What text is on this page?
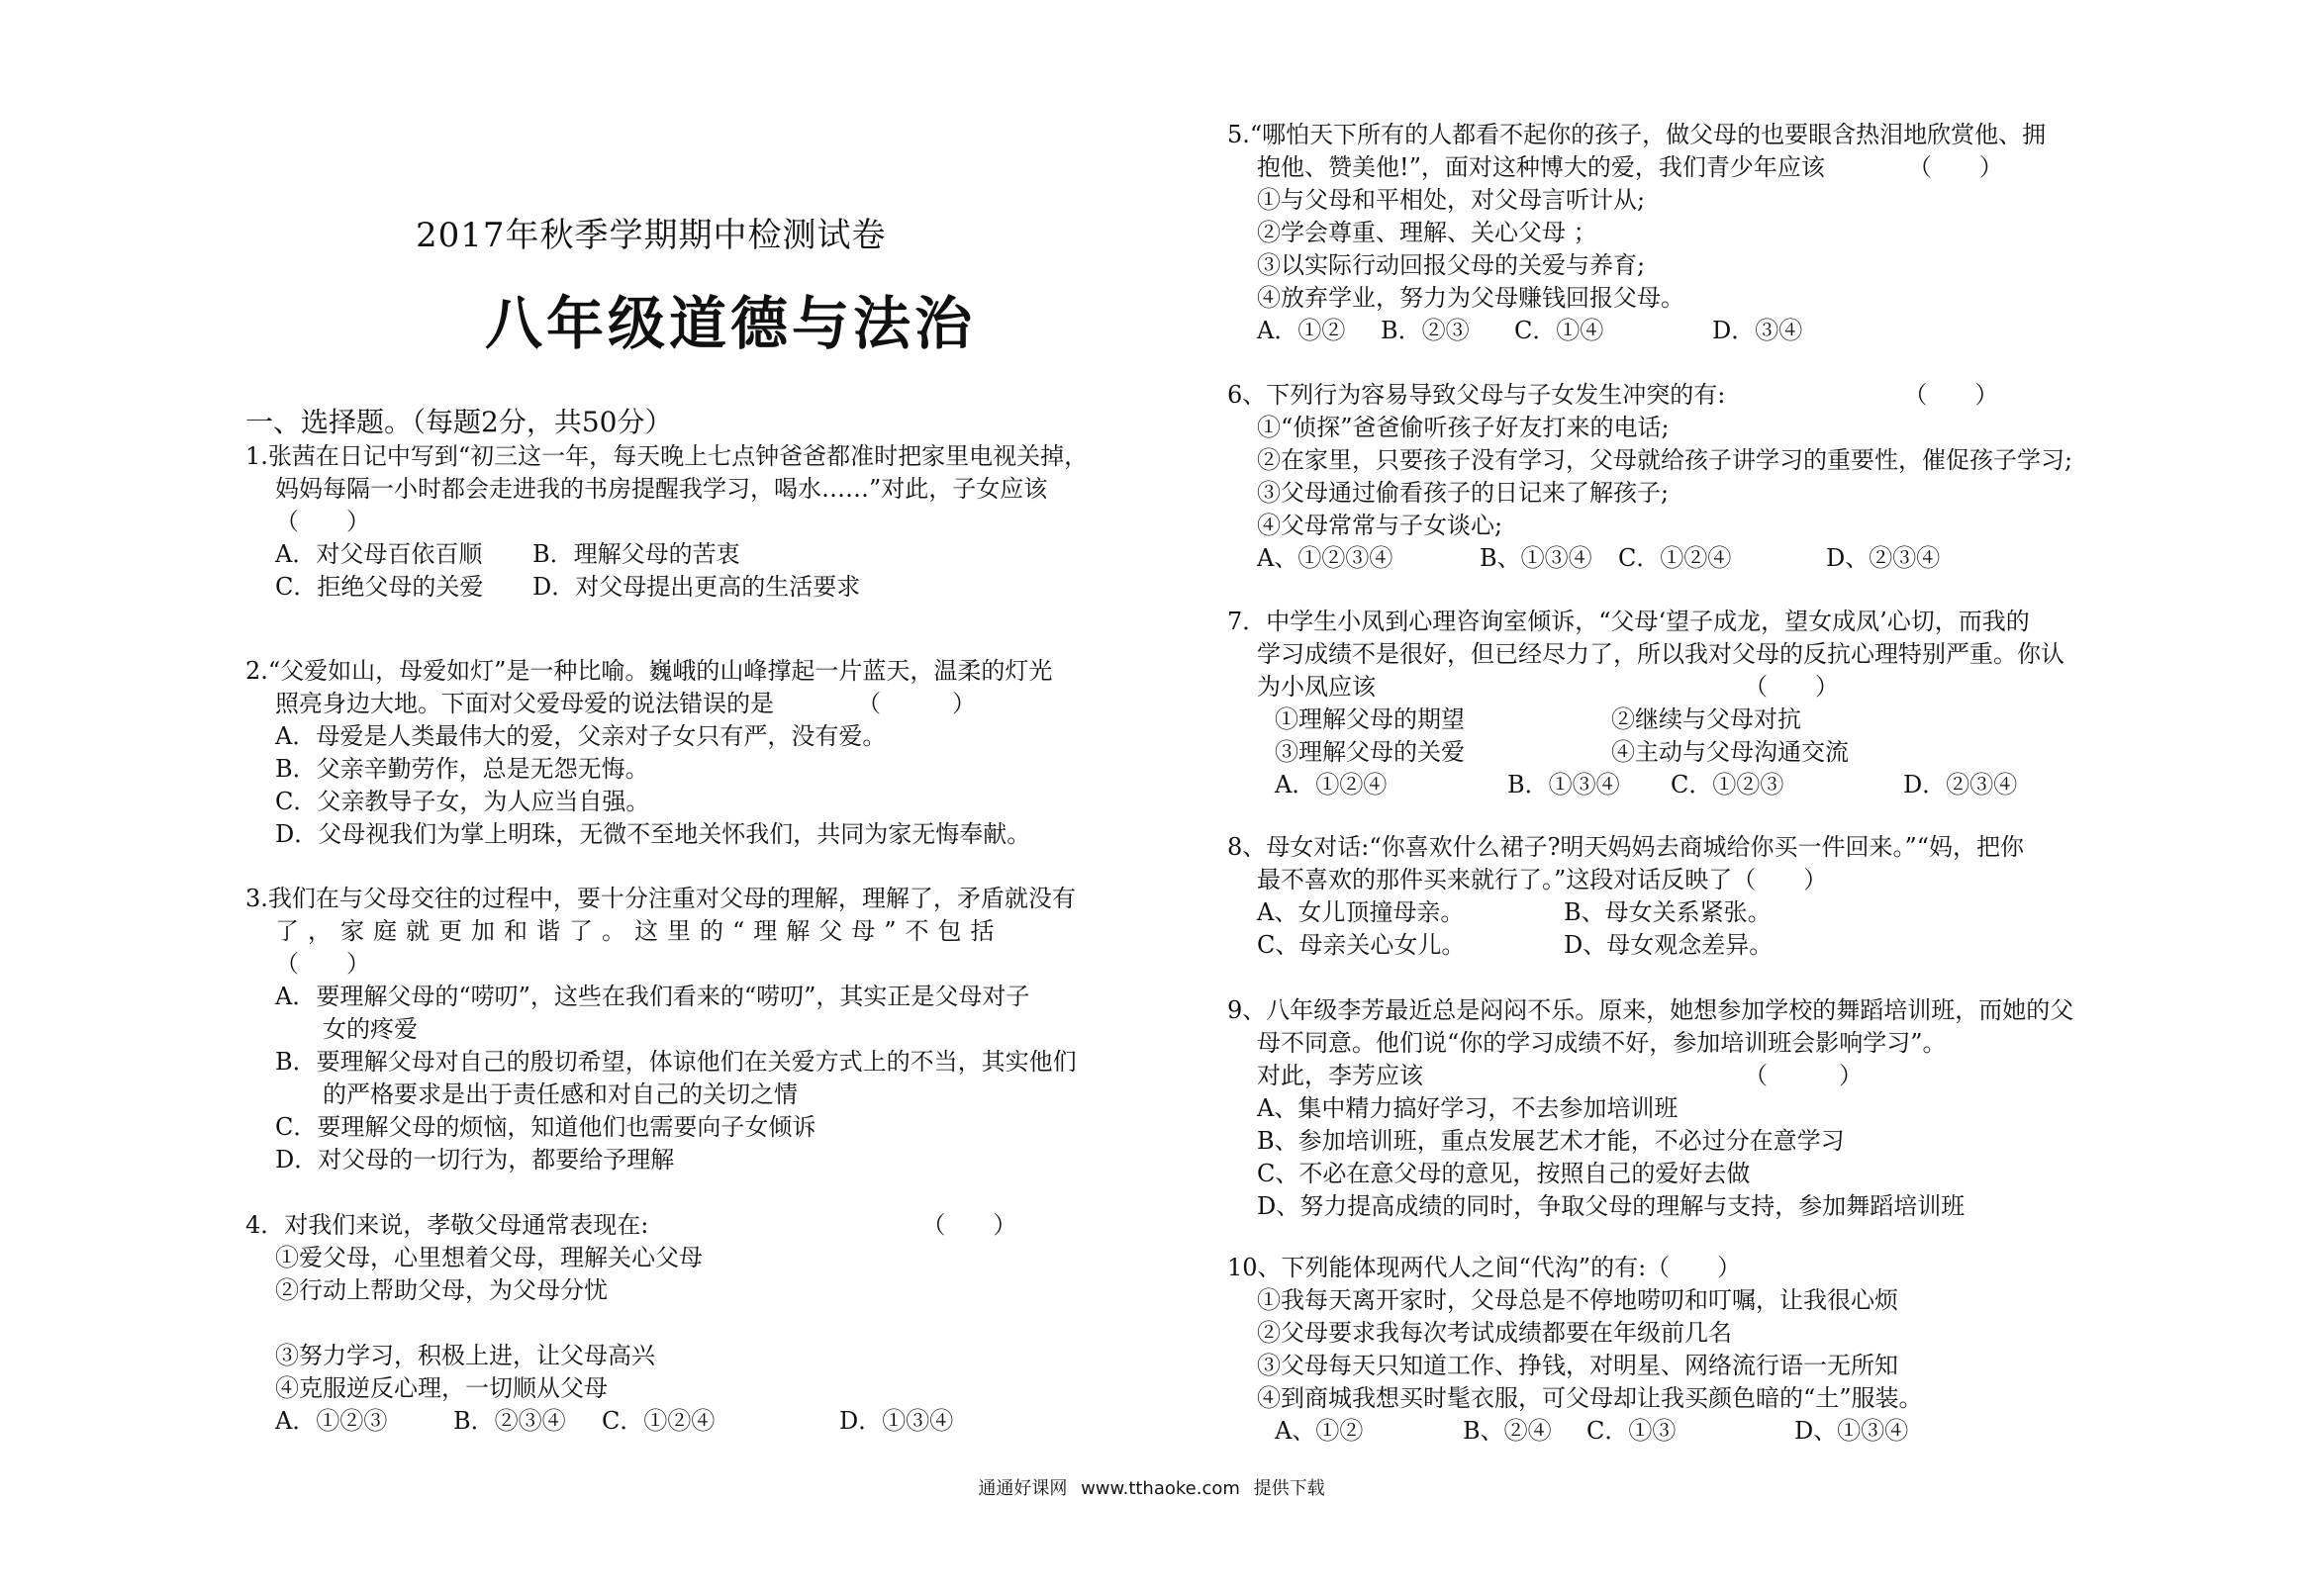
2017年秋季学期期中检测试卷
八年级道德与法治
一、选择题。（每题2分，共50分）
1.张茜在日记中写到“初三这一年，每天晚上七点钟爸爸都准时把家里电视关掉，
妈妈每隔一小时都会走进我的书房提醒我学习，喝水……”对此，子女应该
（　　）
A．对父母百依百顺	B．理解父母的苦衷
C．拒绝父母的关爱	D．对父母提出更高的生活要求
2.“父爱如山，母爱如灯”是一种比喻。巍峨的山峰撑起一片蓝天，温柔的灯光
照亮身边大地。下面对父爱母爱的说法错误的是　　　　（　　　）
A．母爱是人类最伟大的爱，父亲对子女只有严，没有爱。
B．父亲辛勤劳作，总是无怨无悔。
C．父亲教导子女，为人应当自强。
D．父母视我们为掌上明珠，无微不至地关怀我们，共同为家无悔奉献。
3.我们在与父母交往的过程中，要十分注重对父母的理解，理解了，矛盾就没有
了，家庭就更加和谐了。这里的“理解父母”不包括
（　　）
A．要理解父母的“唠叨”，这些在我们看来的“唠叨”，其实正是父母对子
女的疼爱
B．要理解父母对自己的殷切希望，体谅他们在关爱方式上的不当，其实他们
的严格要求是出于责任感和对自己的关切之情
C．要理解父母的烦恼，知道他们也需要向子女倾诉
D．对父母的一切行为，都要给予理解
4．对我们来说，孝敬父母通常表现在:　　　　　　　　　　　　（　　）
①爱父母，心里想着父母，理解关心父母
②行动上帮助父母，为父母分忧
③努力学习，积极上进，让父母高兴
④克服逆反心理，一切顺从父母
A．①②③	B．②③④	C．①②④	D．①③④
5.“哪怕天下所有的人都看不起你的孩子，做父母的也要眼含热泪地欣赏他、拥
抱他、赞美他!”，面对这种博大的爱，我们青少年应该　　　　（　　）
①与父母和平相处，对父母言听计从;
②学会尊重、理解、关心父母 ；
③以实际行动回报父母的关爱与养育;
④放弃学业，努力为父母赚钱回报父母。
A．①②	B．②③	C．①④	D．③④
6、下列行为容易导致父母与子女发生冲突的有:　　　　　　　　（　　）
①“侦探”爸爸偷听孩子好友打来的电话;
②在家里，只要孩子没有学习，父母就给孩子讲学习的重要性，催促孩子学习;
③父母通过偷看孩子的日记来了解孩子;
④父母常常与子女谈心;
A、①②③④	B、①③④	C．①②④	D、②③④
7．中学生小凤到心理咨询室倾诉，“父母‘望子成龙，望女成凤’心切，而我的
学习成绩不是很好，但已经尽力了，所以我对父母的反抗心理特别严重。你认
为小凤应该　　　　　　　　　　　　　　　　（　　）
①理解父母的期望	②继续与父母对抗
③理解父母的关爱	④主动与父母沟通交流
A．①②④	B．①③④	C．①②③	D．②③④
8、母女对话:“你喜欢什么裙子?明天妈妈去商城给你买一件回来。”“妈，把你
最不喜欢的那件买来就行了。”这段对话反映了（　　）
A、女儿顶撞母亲。	B、母女关系紧张。
C、母亲关心女儿。	D、母女观念差异。
9、八年级李芳最近总是闷闷不乐。原来，她想参加学校的舞蹈培训班，而她的父
母不同意。他们说“你的学习成绩不好，参加培训班会影响学习”。
对此，李芳应该　　　　　　　　　　　　　　（　　　）
A、集中精力搞好学习，不去参加培训班
B、参加培训班，重点发展艺术才能，不必过分在意学习
C、不必在意父母的意见，按照自己的爱好去做
D、努力提高成绩的同时，争取父母的理解与支持，参加舞蹈培训班
10、下列能体现两代人之间“代沟”的有:（　　）
①我每天离开家时，父母总是不停地唠叨和叮嘱，让我很心烦
②父母要求我每次考试成绩都要在年级前几名
③父母每天只知道工作、挣钱，对明星、网络流行语一无所知
④到商城我想买时髦衣服，可父母却让我买颜色暗的“土”服装。
A、①②	B、②④	C．①③	D、①③④
通通好课网 www.tthaoke.com 提供下载
